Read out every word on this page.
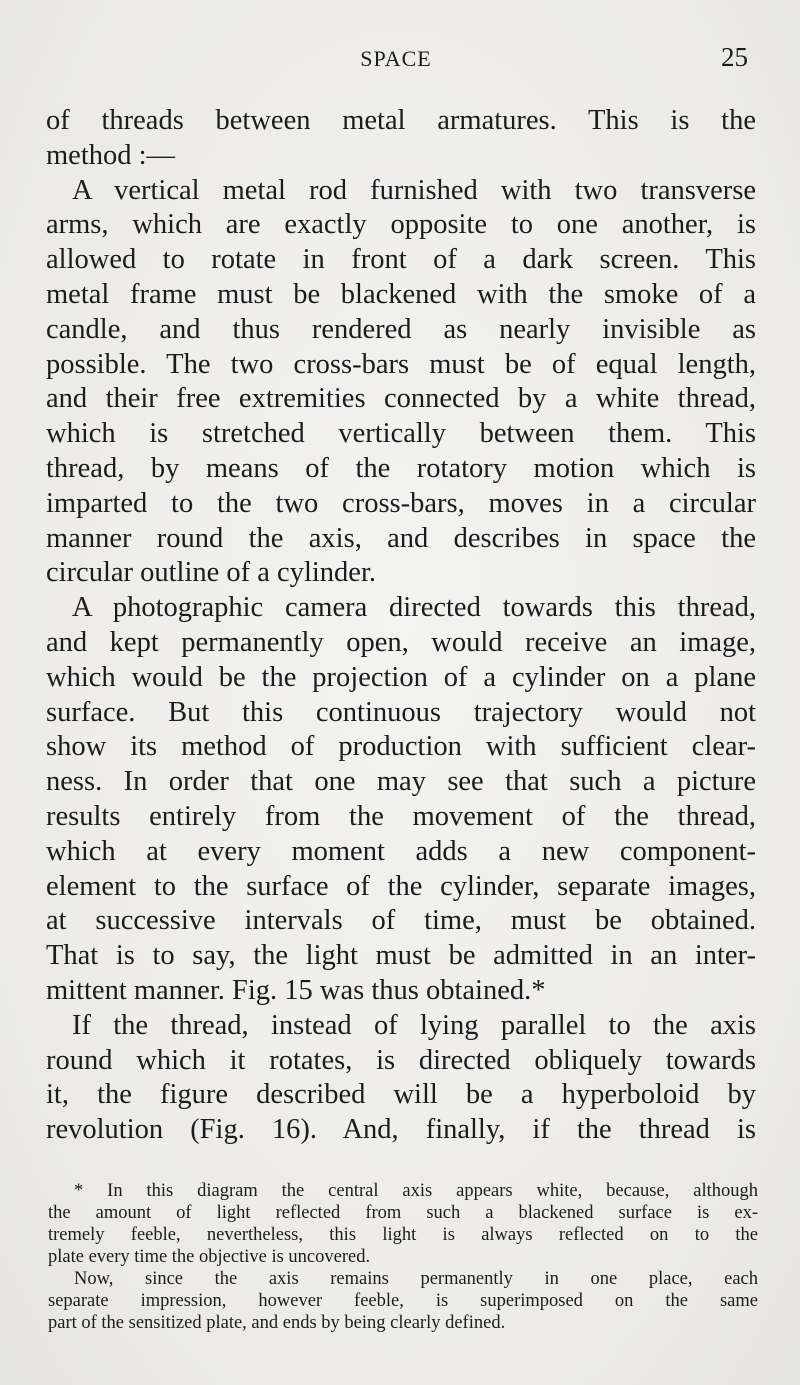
SPACE	25
of threads between metal armatures. This is the
method :—
A vertical metal rod furnished with two transverse
arms, which are exactly opposite to one another, is
allowed to rotate in front of a dark screen. This
metal frame must be blackened with the smoke of a
candle, and thus rendered as nearly invisible as
possible. The two cross-bars must be of equal length,
and their free extremities connected by a white thread,
which is stretched vertically between them. This
thread, by means of the rotatory motion which is
imparted to the two cross-bars, moves in a circular
manner round the axis, and describes in space the
circular outline of a cylinder.
A photographic camera directed towards this thread,
and kept permanently open, would receive an image,
which would be the projection of a cylinder on a plane
surface. But this continuous trajectory would not
show its method of production with sufficient clear-
ness. In order that one may see that such a picture
results entirely from the movement of the thread,
which at every moment adds a new component-
element to the surface of the cylinder, separate images,
at successive intervals of time, must be obtained.
That is to say, the light must be admitted in an inter-
mittent manner. Fig. 15 was thus obtained.*
If the thread, instead of lying parallel to the axis
round which it rotates, is directed obliquely towards
it, the figure described will be a hyperboloid by
revolution (Fig. 16). And, finally, if the thread is
* In this diagram the central axis appears white, because, although
the amount of light reflected from such a blackened surface is ex-
tremely feeble, nevertheless, this light is always reflected on to the
plate every time the objective is uncovered.
Now, since the axis remains permanently in one place, each
separate impression, however feeble, is superimposed on the same
part of the sensitized plate, and ends by being clearly defined.
